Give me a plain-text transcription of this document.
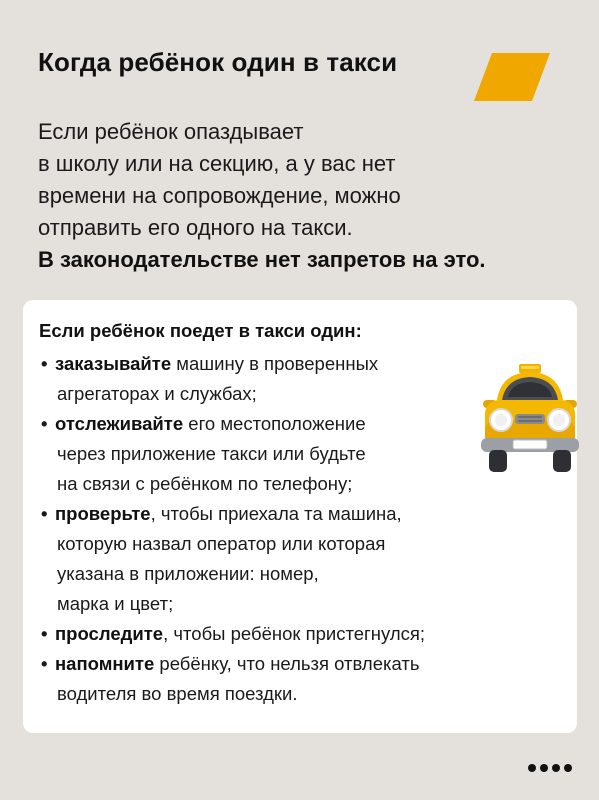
Когда ребёнок один в такси
Если ребёнок опаздывает
в школу или на секцию, а у вас нет
времени на сопровождение, можно
отправить его одного на такси.
В законодательстве нет запретов на это.
Если ребёнок поедет в такси один:
• заказывайте машину в проверенных
агрегаторах и службах;
• отслеживайте его местоположение
через приложение такси или будьте
на связи с ребёнком по телефону;
• проверьте, чтобы приехала та машина,
которую назвал оператор или которая
указана в приложении: номер,
марка и цвет;
• проследите, чтобы ребёнок пристегнулся;
• напомните ребёнку, что нельзя отвлекать
водителя во время поездки.
